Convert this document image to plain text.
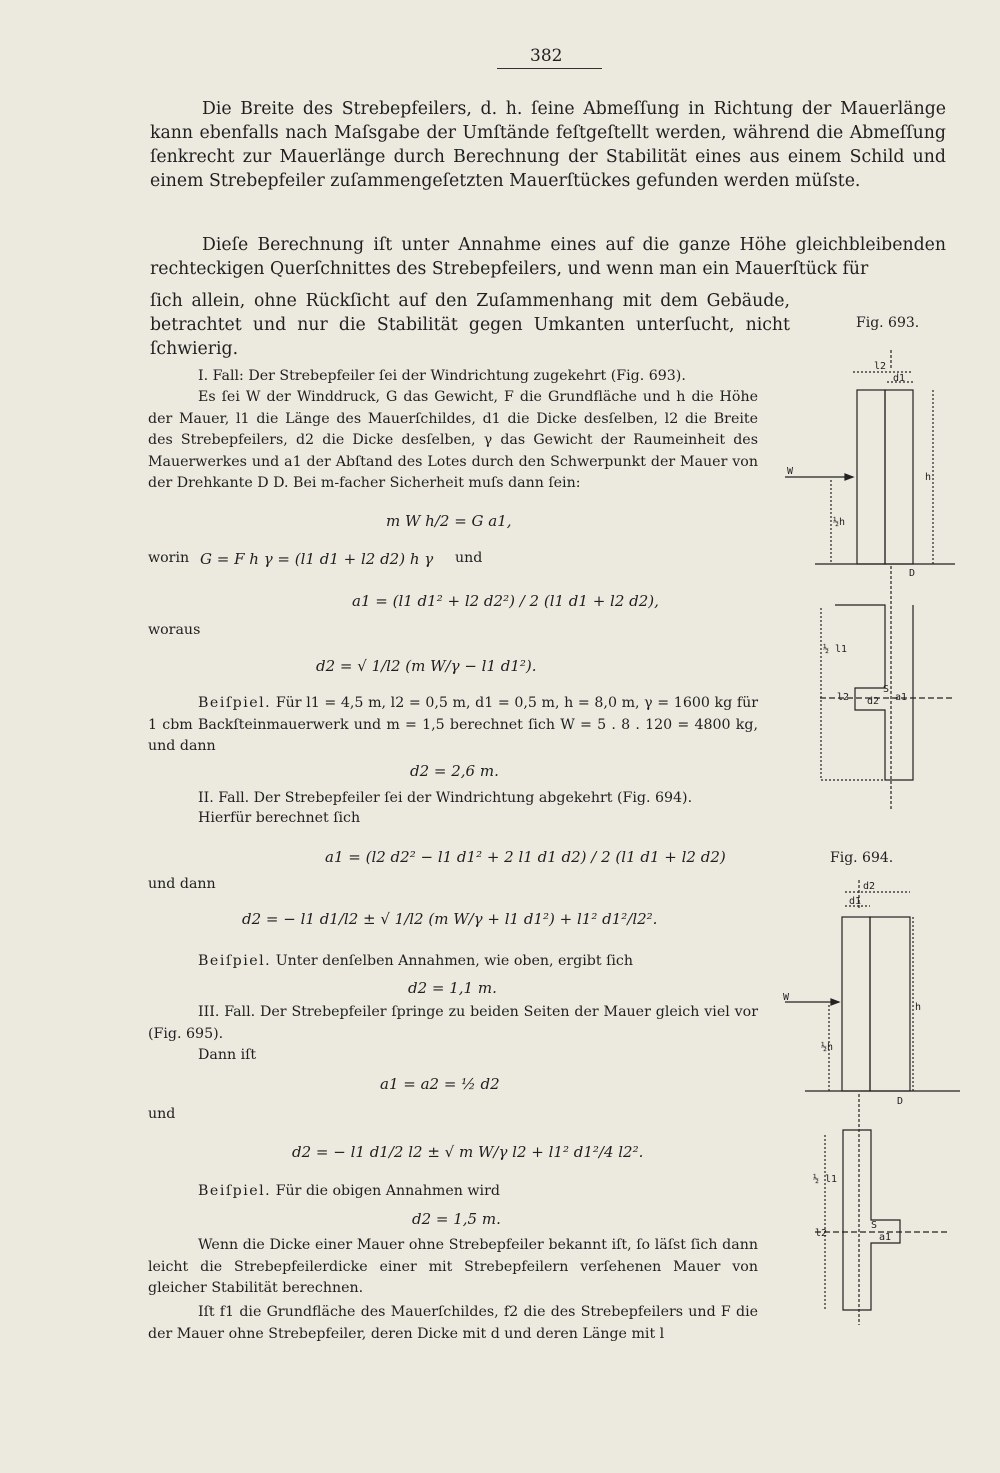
382
Die Breite des Strebepfeilers, d. h. ſeine Abmeſſung in Richtung der Mauerlänge kann ebenfalls nach Maſsgabe der Umſtände feſtgeſtellt werden, während die Abmeſſung ſenkrecht zur Mauerlänge durch Berechnung der Stabilität eines aus einem Schild und einem Strebepfeiler zuſammengeſetzten Mauerſtückes gefunden werden müſste.
Dieſe Berechnung iſt unter Annahme eines auf die ganze Höhe gleichbleibenden rechteckigen Querſchnittes des Strebepfeilers, und wenn man ein Mauerſtück für
ſich allein, ohne Rückſicht auf den Zuſammenhang mit dem Gebäude, betrachtet und nur die Stabilität gegen Umkanten unterſucht, nicht ſchwierig.
I. Fall: Der Strebepfeiler ſei der Windrichtung zugekehrt (Fig. 693).
Es ſei W der Winddruck, G das Gewicht, F die Grundfläche und h die Höhe der Mauer, l1 die Länge des Mauerſchildes, d1 die Dicke desſelben, l2 die Breite des Strebepfeilers, d2 die Dicke desſelben, γ das Gewicht der Raumeinheit des Mauerwerkes und a1 der Abſtand des Lotes durch den Schwerpunkt der Mauer von der Drehkante D D. Bei m-facher Sicherheit muſs dann ſein:
m W h/2 = G a1,
worin G = F h γ = (l1 d1 + l2 d2) h γ und
a1 = (l1 d1² + l2 d2²) / 2 (l1 d1 + l2 d2),
woraus
d2 = √ 1/l2 (m W/γ − l1 d1²).
Beiſpiel. Für l1 = 4,5 m, l2 = 0,5 m, d1 = 0,5 m, h = 8,0 m, γ = 1600 kg für 1 cbm Backſteinmauerwerk und m = 1,5 berechnet ſich W = 5 . 8 . 120 = 4800 kg, und dann
d2 = 2,6 m.
II. Fall. Der Strebepfeiler ſei der Windrichtung abgekehrt (Fig. 694).
Hierfür berechnet ſich
a1 = (l2 d2² − l1 d1² + 2 l1 d1 d2) / 2 (l1 d1 + l2 d2)
und dann
d2 = − l1 d1/l2 ± √ 1/l2 (m W/γ + l1 d1²) + l1² d1²/l2².
Beiſpiel. Unter denſelben Annahmen, wie oben, ergibt ſich
d2 = 1,1 m.
III. Fall. Der Strebepfeiler ſpringe zu beiden Seiten der Mauer gleich viel vor (Fig. 695).
Dann iſt
a1 = a2 = ½ d2
und
d2 = − l1 d1/2 l2 ± √ m W/γ l2 + l1² d1²/4 l2².
Beiſpiel. Für die obigen Annahmen wird
d2 = 1,5 m.
Wenn die Dicke einer Mauer ohne Strebepfeiler bekannt iſt, ſo läſst ſich dann leicht die Strebepfeilerdicke einer mit Strebepfeilern verſehenen Mauer von gleicher Stabilität berechnen.
Iſt f1 die Grundfläche des Mauerſchildes, f2 die des Strebepfeilers und F die der Mauer ohne Strebepfeiler, deren Dicke mit d und deren Länge mit l
Fig. 693.
l2
d1
h
½h
W
D
½ l1
l2 d2
S
a1
Fig. 694.
d2
d1
h
½h
W
D
½ l1
l2
S
a1
